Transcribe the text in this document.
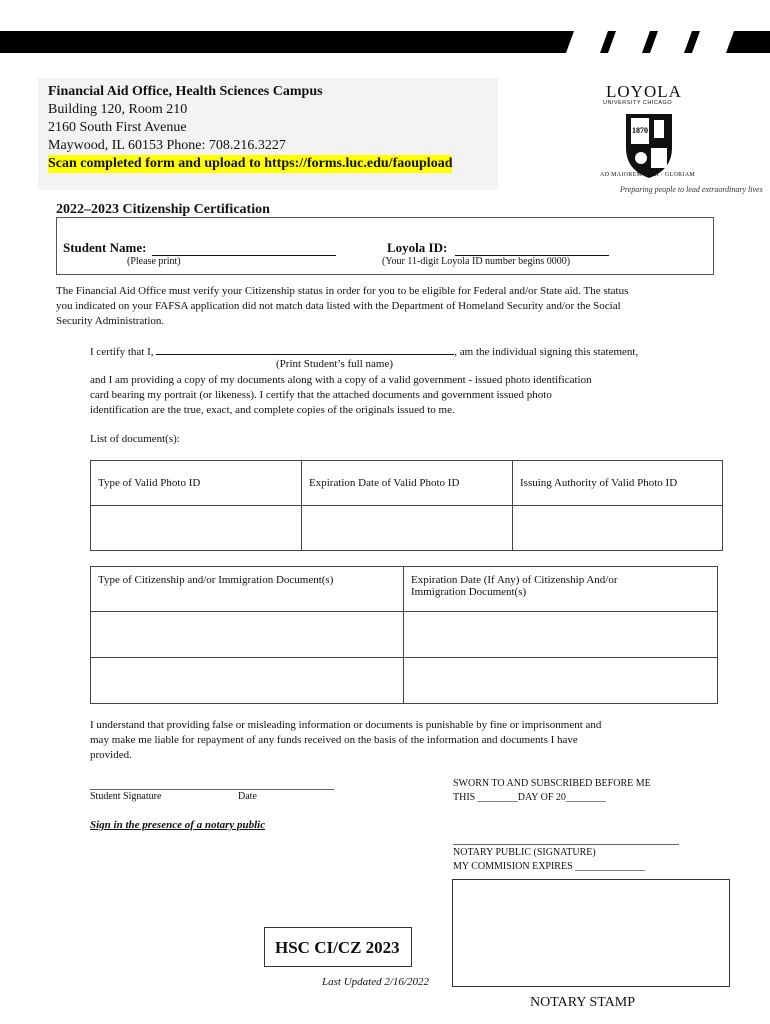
Financial Aid Office, Health Sciences Campus
Building 120, Room 210
2160 South First Avenue
Maywood, IL 60153 Phone: 708.216.3227
Scan completed form and upload to https://forms.luc.edu/faoupload
LOYOLA
UNIVERSITY CHICAGO
1870
AD MAIOREM · DEI · GLORIAM
Preparing people to lead extraordinary lives
2022–2023 Citizenship Certification
Student Name:
(Please print)
Loyola ID:
(Your 11-digit Loyola ID number begins 0000)
The Financial Aid Office must verify your Citizenship status in order for you to be eligible for Federal and/or State aid. The status
you indicated on your FAFSA application did not match data listed with the Department of Homeland Security and/or the Social
Security Administration.
I certify that I,	, am the individual signing this statement,
(Print Student’s full name)
and I am providing a copy of my documents along with a copy of a valid government - issued photo identification
card bearing my portrait (or likeness). I certify that the attached documents and government issued photo
identification are the true, exact, and complete copies of the originals issued to me.
List of document(s):
Type of Valid Photo ID	Expiration Date of Valid Photo ID	Issuing Authority of Valid Photo ID

Type of Citizenship and/or Immigration Document(s)	Expiration Date (If Any) of Citizenship And/or
Immigration Document(s)

I understand that providing false or misleading information or documents is punishable by fine or imprisonment and
may make me liable for repayment of any funds received on the basis of the information and documents I have
provided.
Student Signature	Date
SWORN TO AND SUBSCRIBED BEFORE ME
THIS ________DAY OF 20________
Sign in the presence of a notary public
NOTARY PUBLIC (SIGNATURE)
MY COMMISION EXPIRES ______________
HSC CI/CZ 2023
Last Updated 2/16/2022
NOTARY STAMP
